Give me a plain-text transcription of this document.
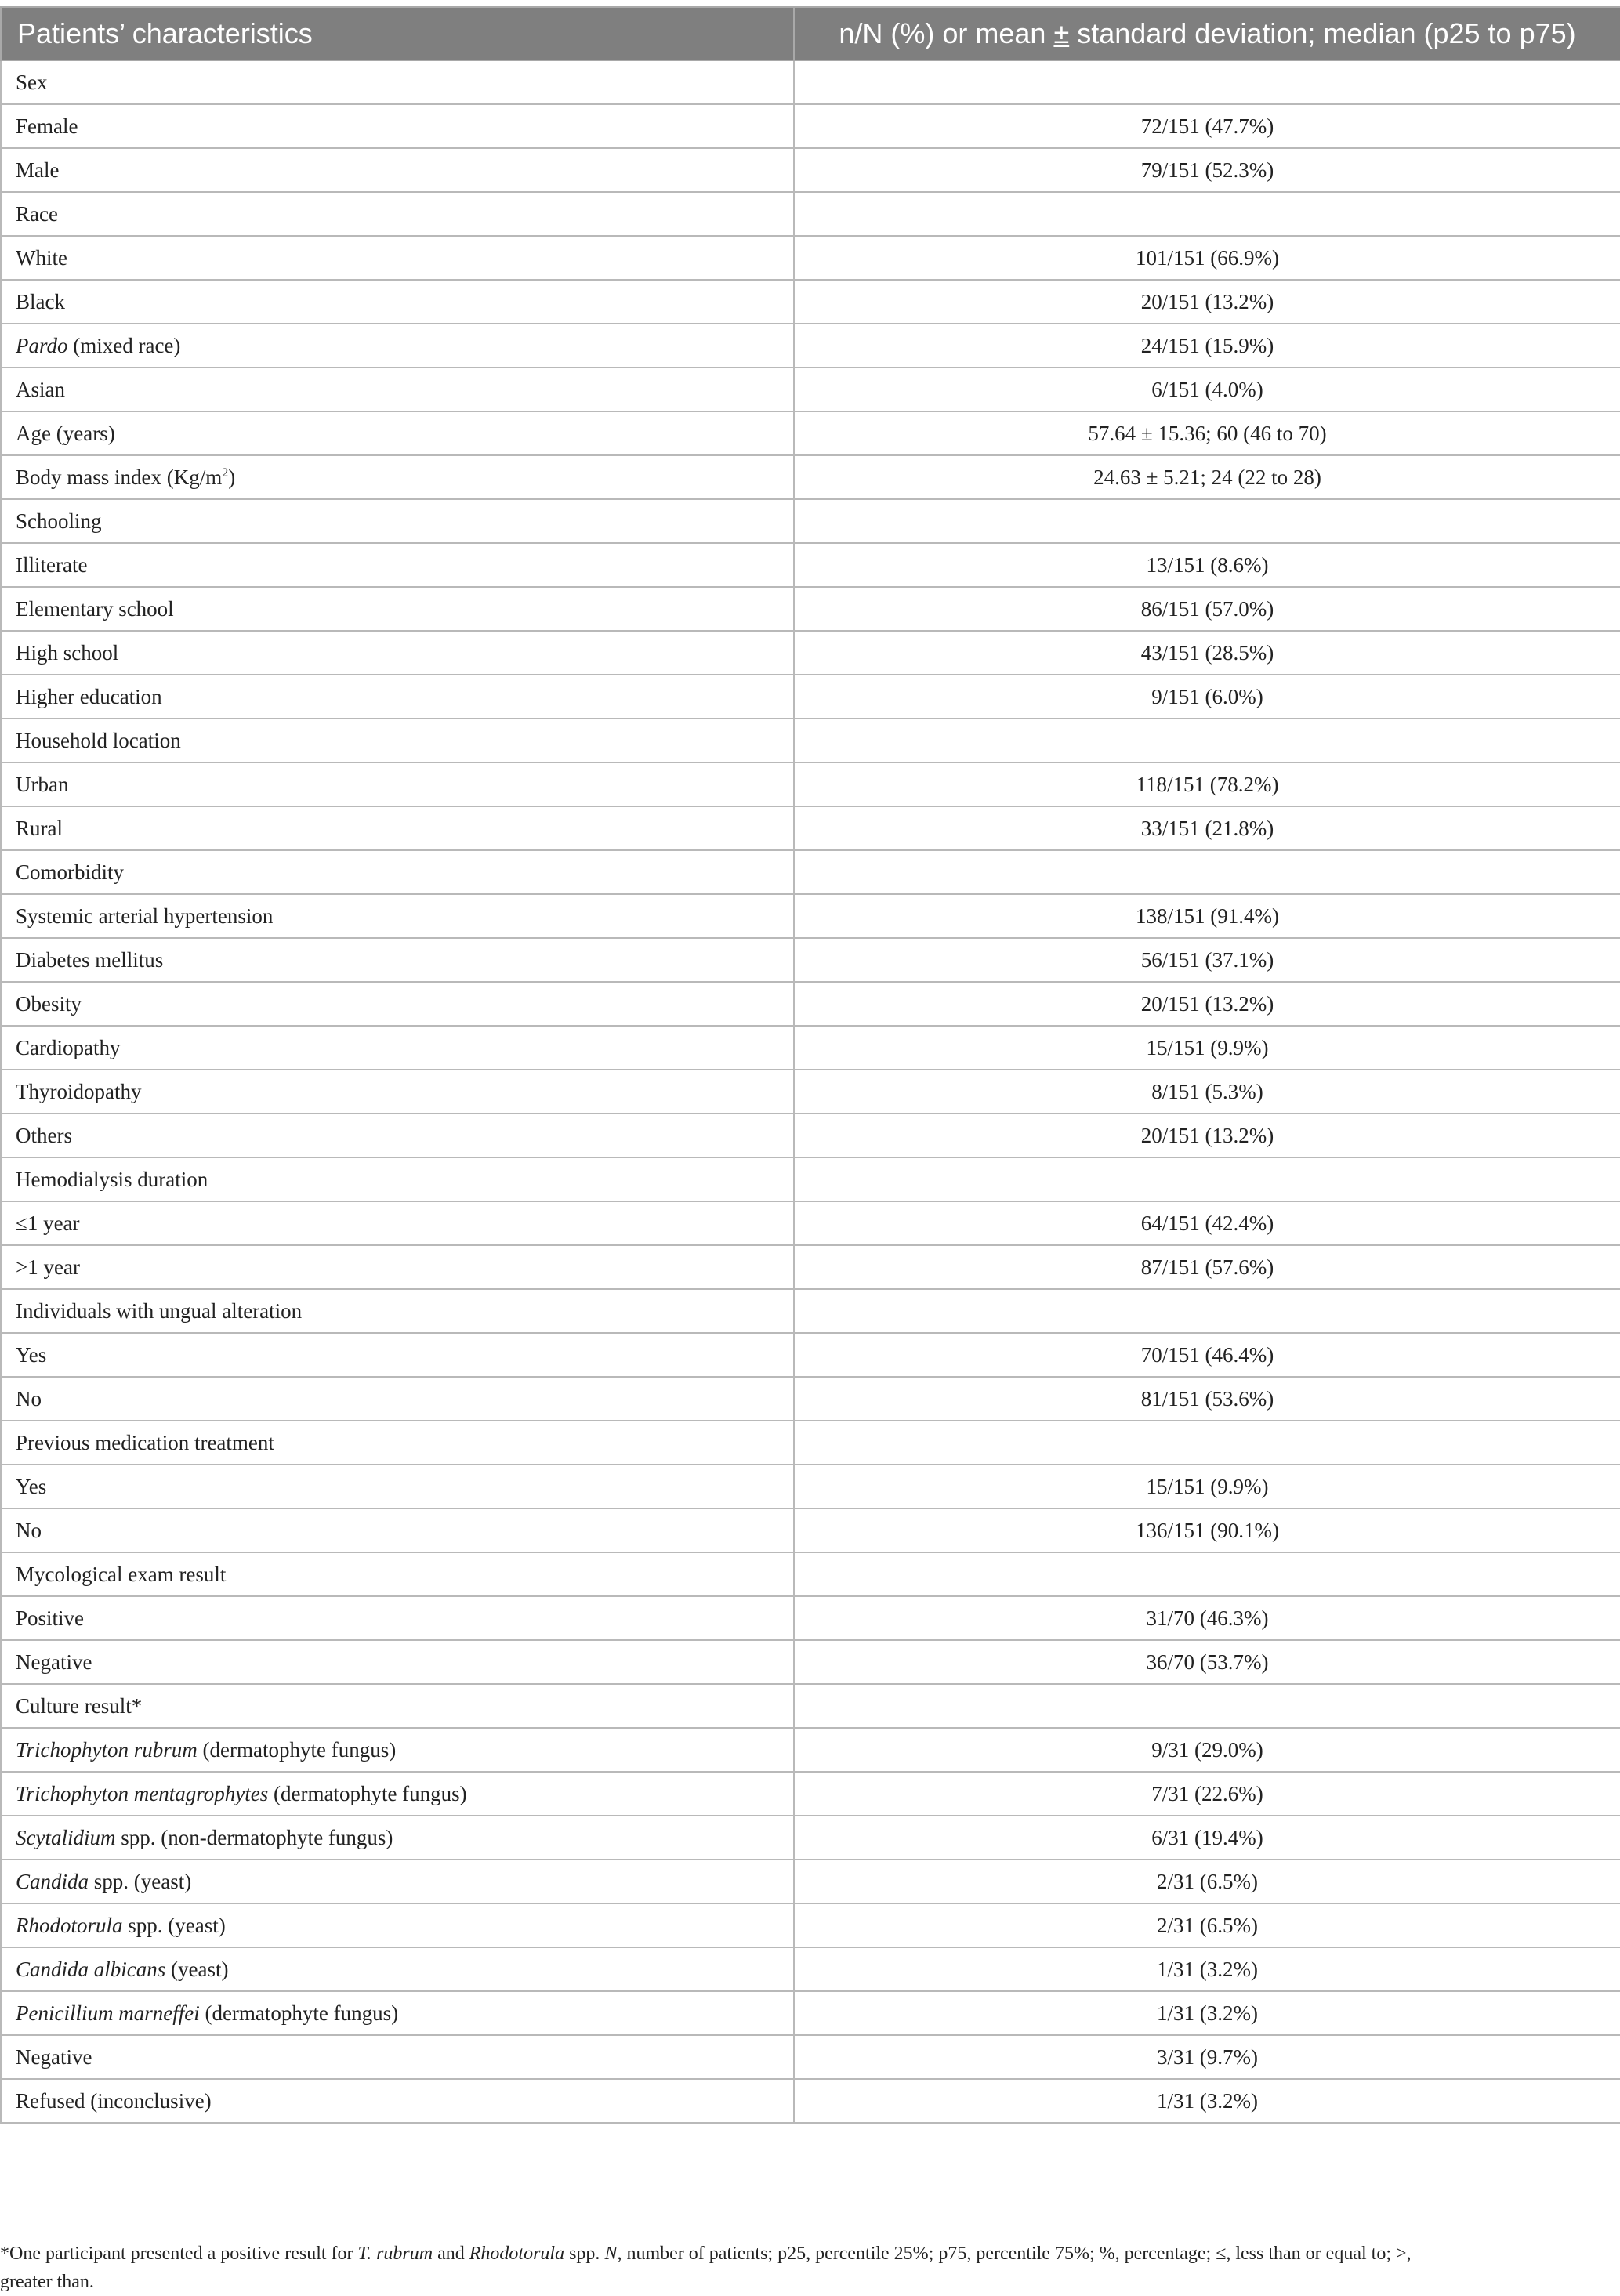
Patients’ characteristics	n/N (%) or mean ± standard deviation; median (p25 to p75)
Sex	
Female	72/151 (47.7%)
Male	79/151 (52.3%)
Race	
White	101/151 (66.9%)
Black	20/151 (13.2%)
Pardo (mixed race)	24/151 (15.9%)
Asian	6/151 (4.0%)
Age (years)	57.64 ± 15.36; 60 (46 to 70)
Body mass index $(Kg/m^2)$	24.63 ± 5.21; 24 (22 to 28)
Schooling	
Illiterate	13/151 (8.6%)
Elementary school	86/151 (57.0%)
High school	43/151 (28.5%)
Higher education	9/151 (6.0%)
Household location	
Urban	118/151 (78.2%)
Rural	33/151 (21.8%)
Comorbidity	
Systemic arterial hypertension	138/151 (91.4%)
Diabetes mellitus	56/151 (37.1%)
Obesity	20/151 (13.2%)
Cardiopathy	15/151 (9.9%)
Thyroidopathy	8/151 (5.3%)
Others	20/151 (13.2%)
Hemodialysis duration	
≤1 year	64/151 (42.4%)
>1 year	87/151 (57.6%)
Individuals with ungual alteration	
Yes	70/151 (46.4%)
No	81/151 (53.6%)
Previous medication treatment	
Yes	15/151 (9.9%)
No	136/151 (90.1%)
Mycological exam result	
Positive	31/70 (46.3%)
Negative	36/70 (53.7%)
Culture result*	
Trichophyton rubrum (dermatophyte fungus)	9/31 (29.0%)
Trichophyton mentagrophytes (dermatophyte fungus)	7/31 (22.6%)
Scytalidium spp. (non-dermatophyte fungus)	6/31 (19.4%)
Candida spp. (yeast)	2/31 (6.5%)
Rhodotorula spp. (yeast)	2/31 (6.5%)
Candida albicans (yeast)	1/31 (3.2%)
Penicillium marneffei (dermatophyte fungus)	1/31 (3.2%)
Negative	3/31 (9.7%)
Refused (inconclusive)	1/31 (3.2%)
*One participant presented a positive result for T. rubrum and Rhodotorula spp. N, number of patients; p25, percentile 25%; p75, percentile 75%; %, percentage; ≤, less than or equal to; >,
greater than.
